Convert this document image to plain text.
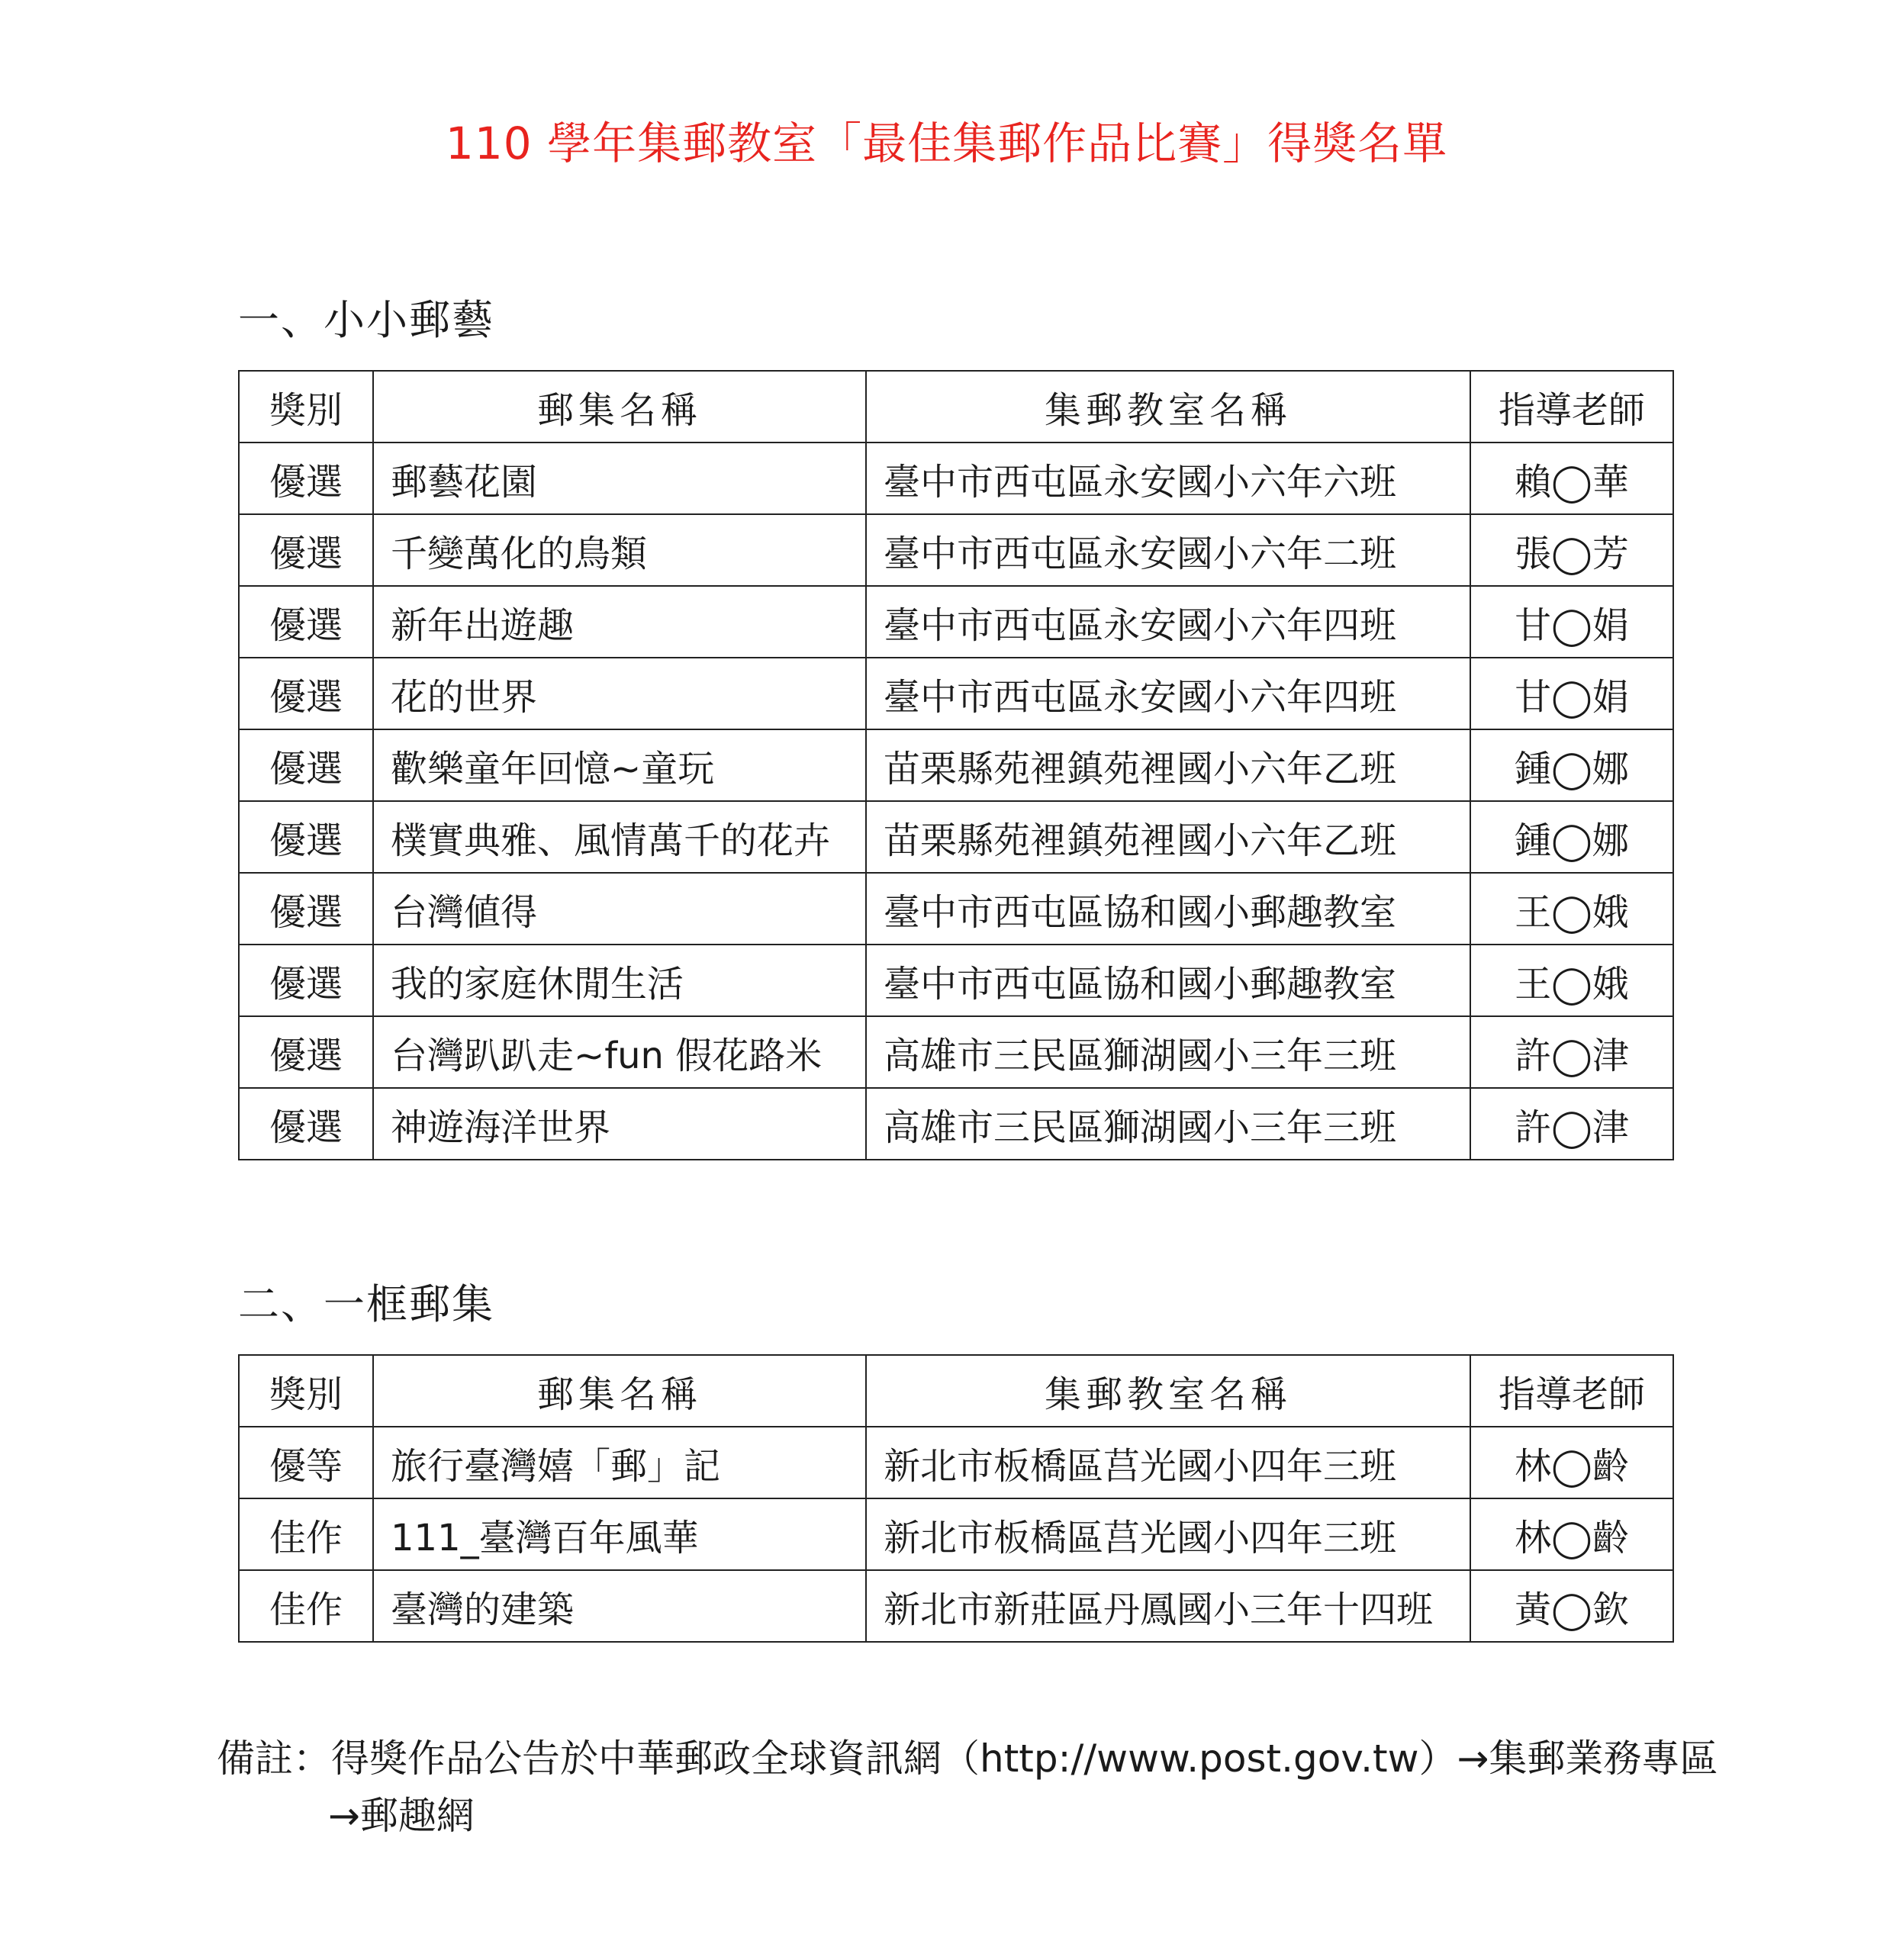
110 學年集郵教室「最佳集郵作品比賽」得獎名單
一、小小郵藝
獎別	郵集名稱	集郵教室名稱	指導老師
優選	郵藝花園	臺中市西屯區永安國小六年六班	賴◯華
優選	千變萬化的鳥類	臺中市西屯區永安國小六年二班	張◯芳
優選	新年出遊趣	臺中市西屯區永安國小六年四班	甘◯娟
優選	花的世界	臺中市西屯區永安國小六年四班	甘◯娟
優選	歡樂童年回憶~童玩	苗栗縣苑裡鎮苑裡國小六年乙班	鍾◯娜
優選	樸實典雅、風情萬千的花卉	苗栗縣苑裡鎮苑裡國小六年乙班	鍾◯娜
優選	台灣値得	臺中市西屯區協和國小郵趣教室	王◯娥
優選	我的家庭休閒生活	臺中市西屯區協和國小郵趣教室	王◯娥
優選	台灣趴趴走~fun 假花路米	高雄市三民區獅湖國小三年三班	許◯津
優選	神遊海洋世界	高雄市三民區獅湖國小三年三班	許◯津
二、一框郵集
獎別	郵集名稱	集郵教室名稱	指導老師
優等	旅行臺灣嬉「郵」記	新北市板橋區莒光國小四年三班	林◯齡
佳作	111_臺灣百年風華	新北市板橋區莒光國小四年三班	林◯齡
佳作	臺灣的建築	新北市新莊區丹鳳國小三年十四班	黃◯欽
備註：得獎作品公告於中華郵政全球資訊網（http://www.post.gov.tw）→集郵業務專區
→郵趣網
